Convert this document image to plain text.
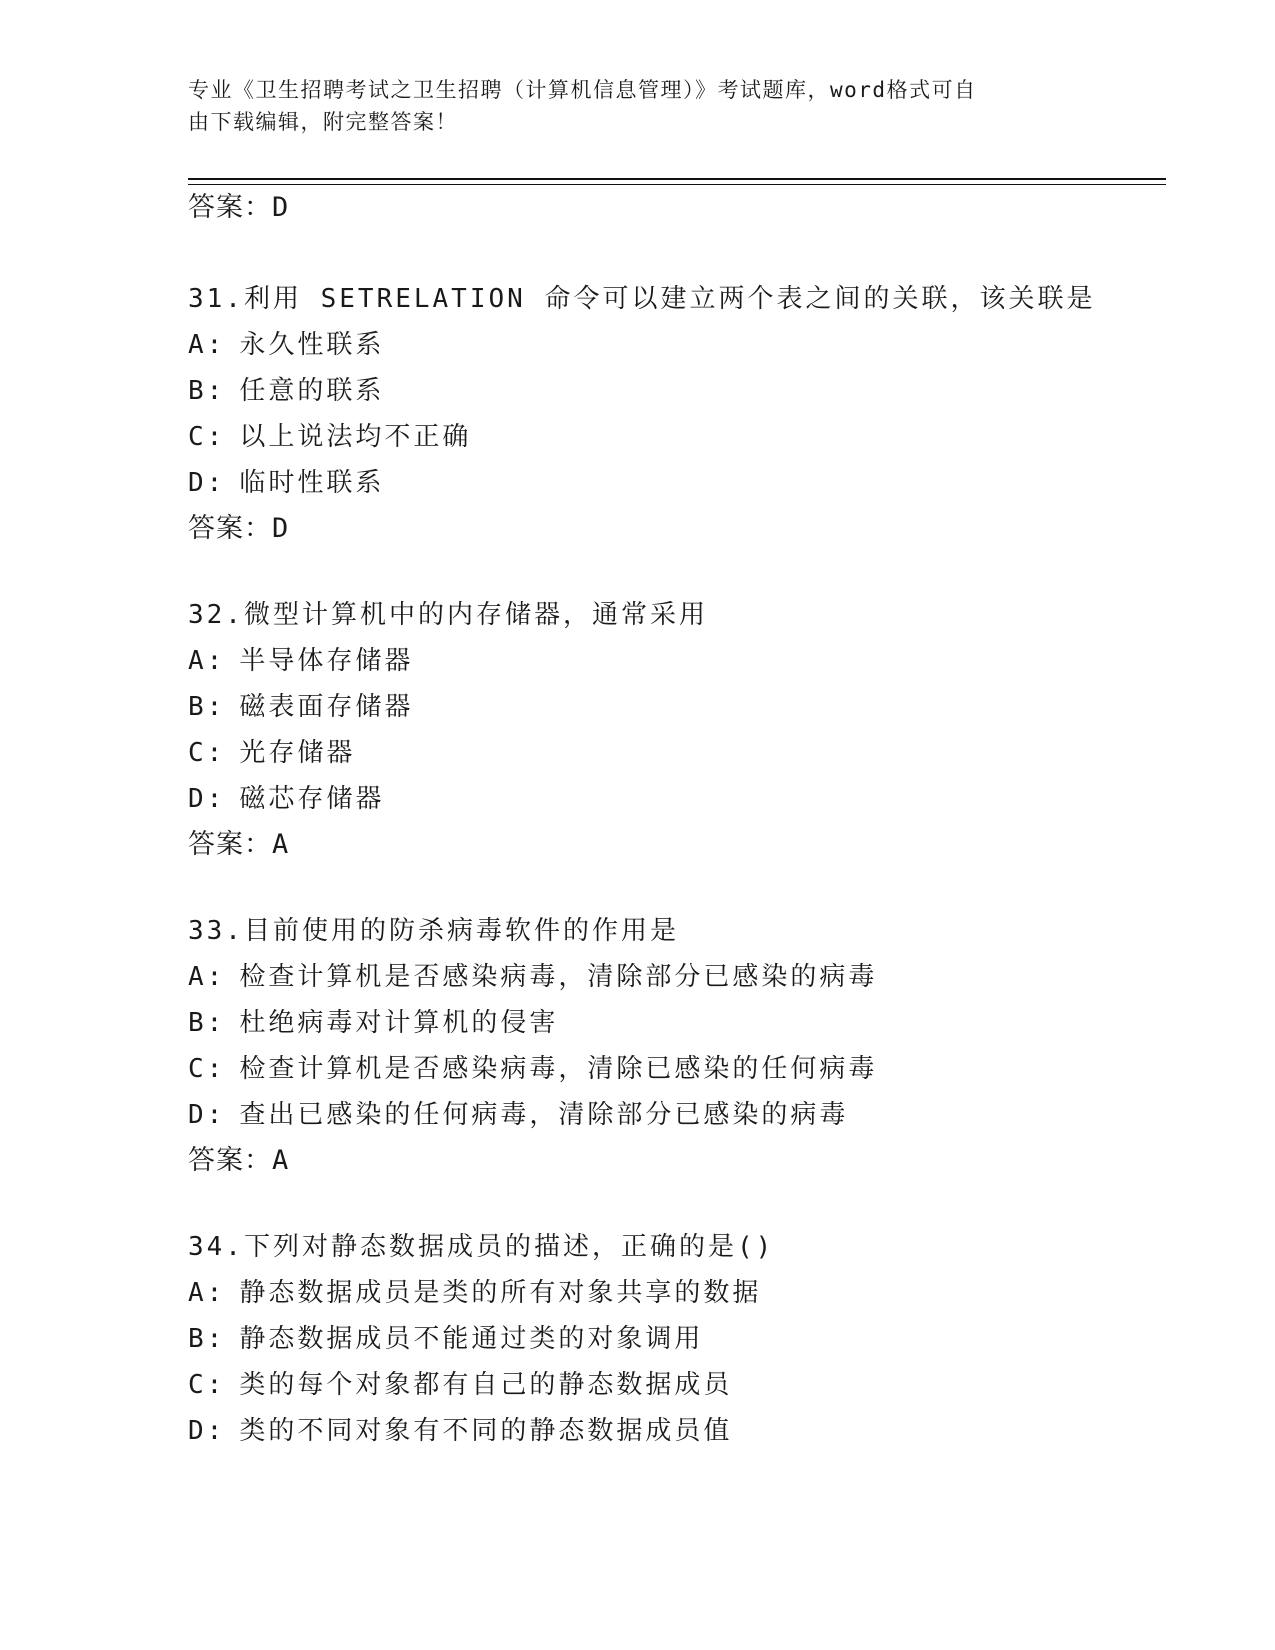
专业《卫生招聘考试之卫生招聘（计算机信息管理）》考试题库，word格式可自
由下载编辑，附完整答案！
答案：D
31.利用 SETRELATION 命令可以建立两个表之间的关联，该关联是
A: 永久性联系
B: 任意的联系
C: 以上说法均不正确
D: 临时性联系
答案：D
32.微型计算机中的内存储器，通常采用
A: 半导体存储器
B: 磁表面存储器
C: 光存储器
D: 磁芯存储器
答案：A
33.目前使用的防杀病毒软件的作用是
A: 检查计算机是否感染病毒，清除部分已感染的病毒
B: 杜绝病毒对计算机的侵害
C: 检查计算机是否感染病毒，清除已感染的任何病毒
D: 查出已感染的任何病毒，清除部分已感染的病毒
答案：A
34.下列对静态数据成员的描述，正确的是()
A: 静态数据成员是类的所有对象共享的数据
B: 静态数据成员不能通过类的对象调用
C: 类的每个对象都有自己的静态数据成员
D: 类的不同对象有不同的静态数据成员值
